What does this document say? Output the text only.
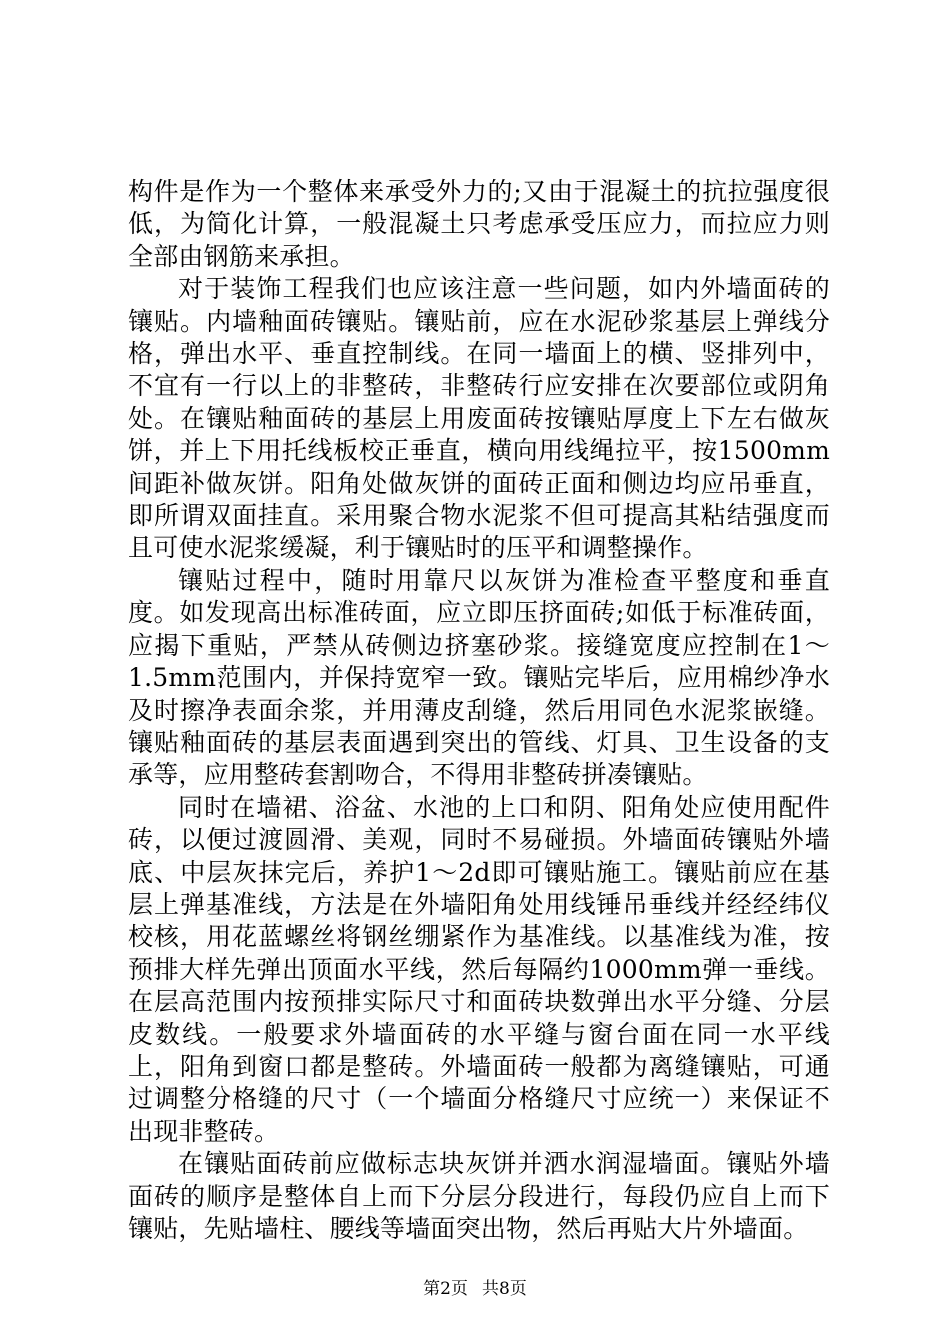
构件是作为一个整体来承受外力的;又由于混凝土的抗拉强度很低，为简化计算，一般混凝土只考虑承受压应力，而拉应力则全部由钢筋来承担。

对于装饰工程我们也应该注意一些问题，如内外墙面砖的镶贴。内墙釉面砖镶贴。镶贴前，应在水泥砂浆基层上弹线分格，弹出水平、垂直控制线。在同一墙面上的横、竖排列中，不宜有一行以上的非整砖，非整砖行应安排在次要部位或阴角处。在镶贴釉面砖的基层上用废面砖按镶贴厚度上下左右做灰饼，并上下用托线板校正垂直，横向用线绳拉平，按1500mm间距补做灰饼。阳角处做灰饼的面砖正面和侧边均应吊垂直，即所谓双面挂直。采用聚合物水泥浆不但可提高其粘结强度而且可使水泥浆缓凝，利于镶贴时的压平和调整操作。

镶贴过程中，随时用靠尺以灰饼为准检查平整度和垂直度。如发现高出标准砖面，应立即压挤面砖;如低于标准砖面，应揭下重贴，严禁从砖侧边挤塞砂浆。接缝宽度应控制在1～1.5mm范围内，并保持宽窄一致。镶贴完毕后，应用棉纱净水及时擦净表面余浆，并用薄皮刮缝，然后用同色水泥浆嵌缝。镶贴釉面砖的基层表面遇到突出的管线、灯具、卫生设备的支承等，应用整砖套割吻合，不得用非整砖拼凑镶贴。

同时在墙裙、浴盆、水池的上口和阴、阳角处应使用配件砖，以便过渡圆滑、美观，同时不易碰损。外墙面砖镶贴外墙底、中层灰抹完后，养护1～2d即可镶贴施工。镶贴前应在基层上弹基准线，方法是在外墙阳角处用线锤吊垂线并经经纬仪校核，用花蓝螺丝将钢丝绷紧作为基准线。以基准线为准，按预排大样先弹出顶面水平线，然后每隔约1000mm弹一垂线。在层高范围内按预排实际尺寸和面砖块数弹出水平分缝、分层皮数线。一般要求外墙面砖的水平缝与窗台面在同一水平线上，阳角到窗口都是整砖。外墙面砖一般都为离缝镶贴，可通过调整分格缝的尺寸（一个墙面分格缝尺寸应统一）来保证不出现非整砖。

在镶贴面砖前应做标志块灰饼并洒水润湿墙面。镶贴外墙面砖的顺序是整体自上而下分层分段进行，每段仍应自上而下镶贴，先贴墙柱、腰线等墙面突出物，然后再贴大片外墙面。

第2页 共8页
